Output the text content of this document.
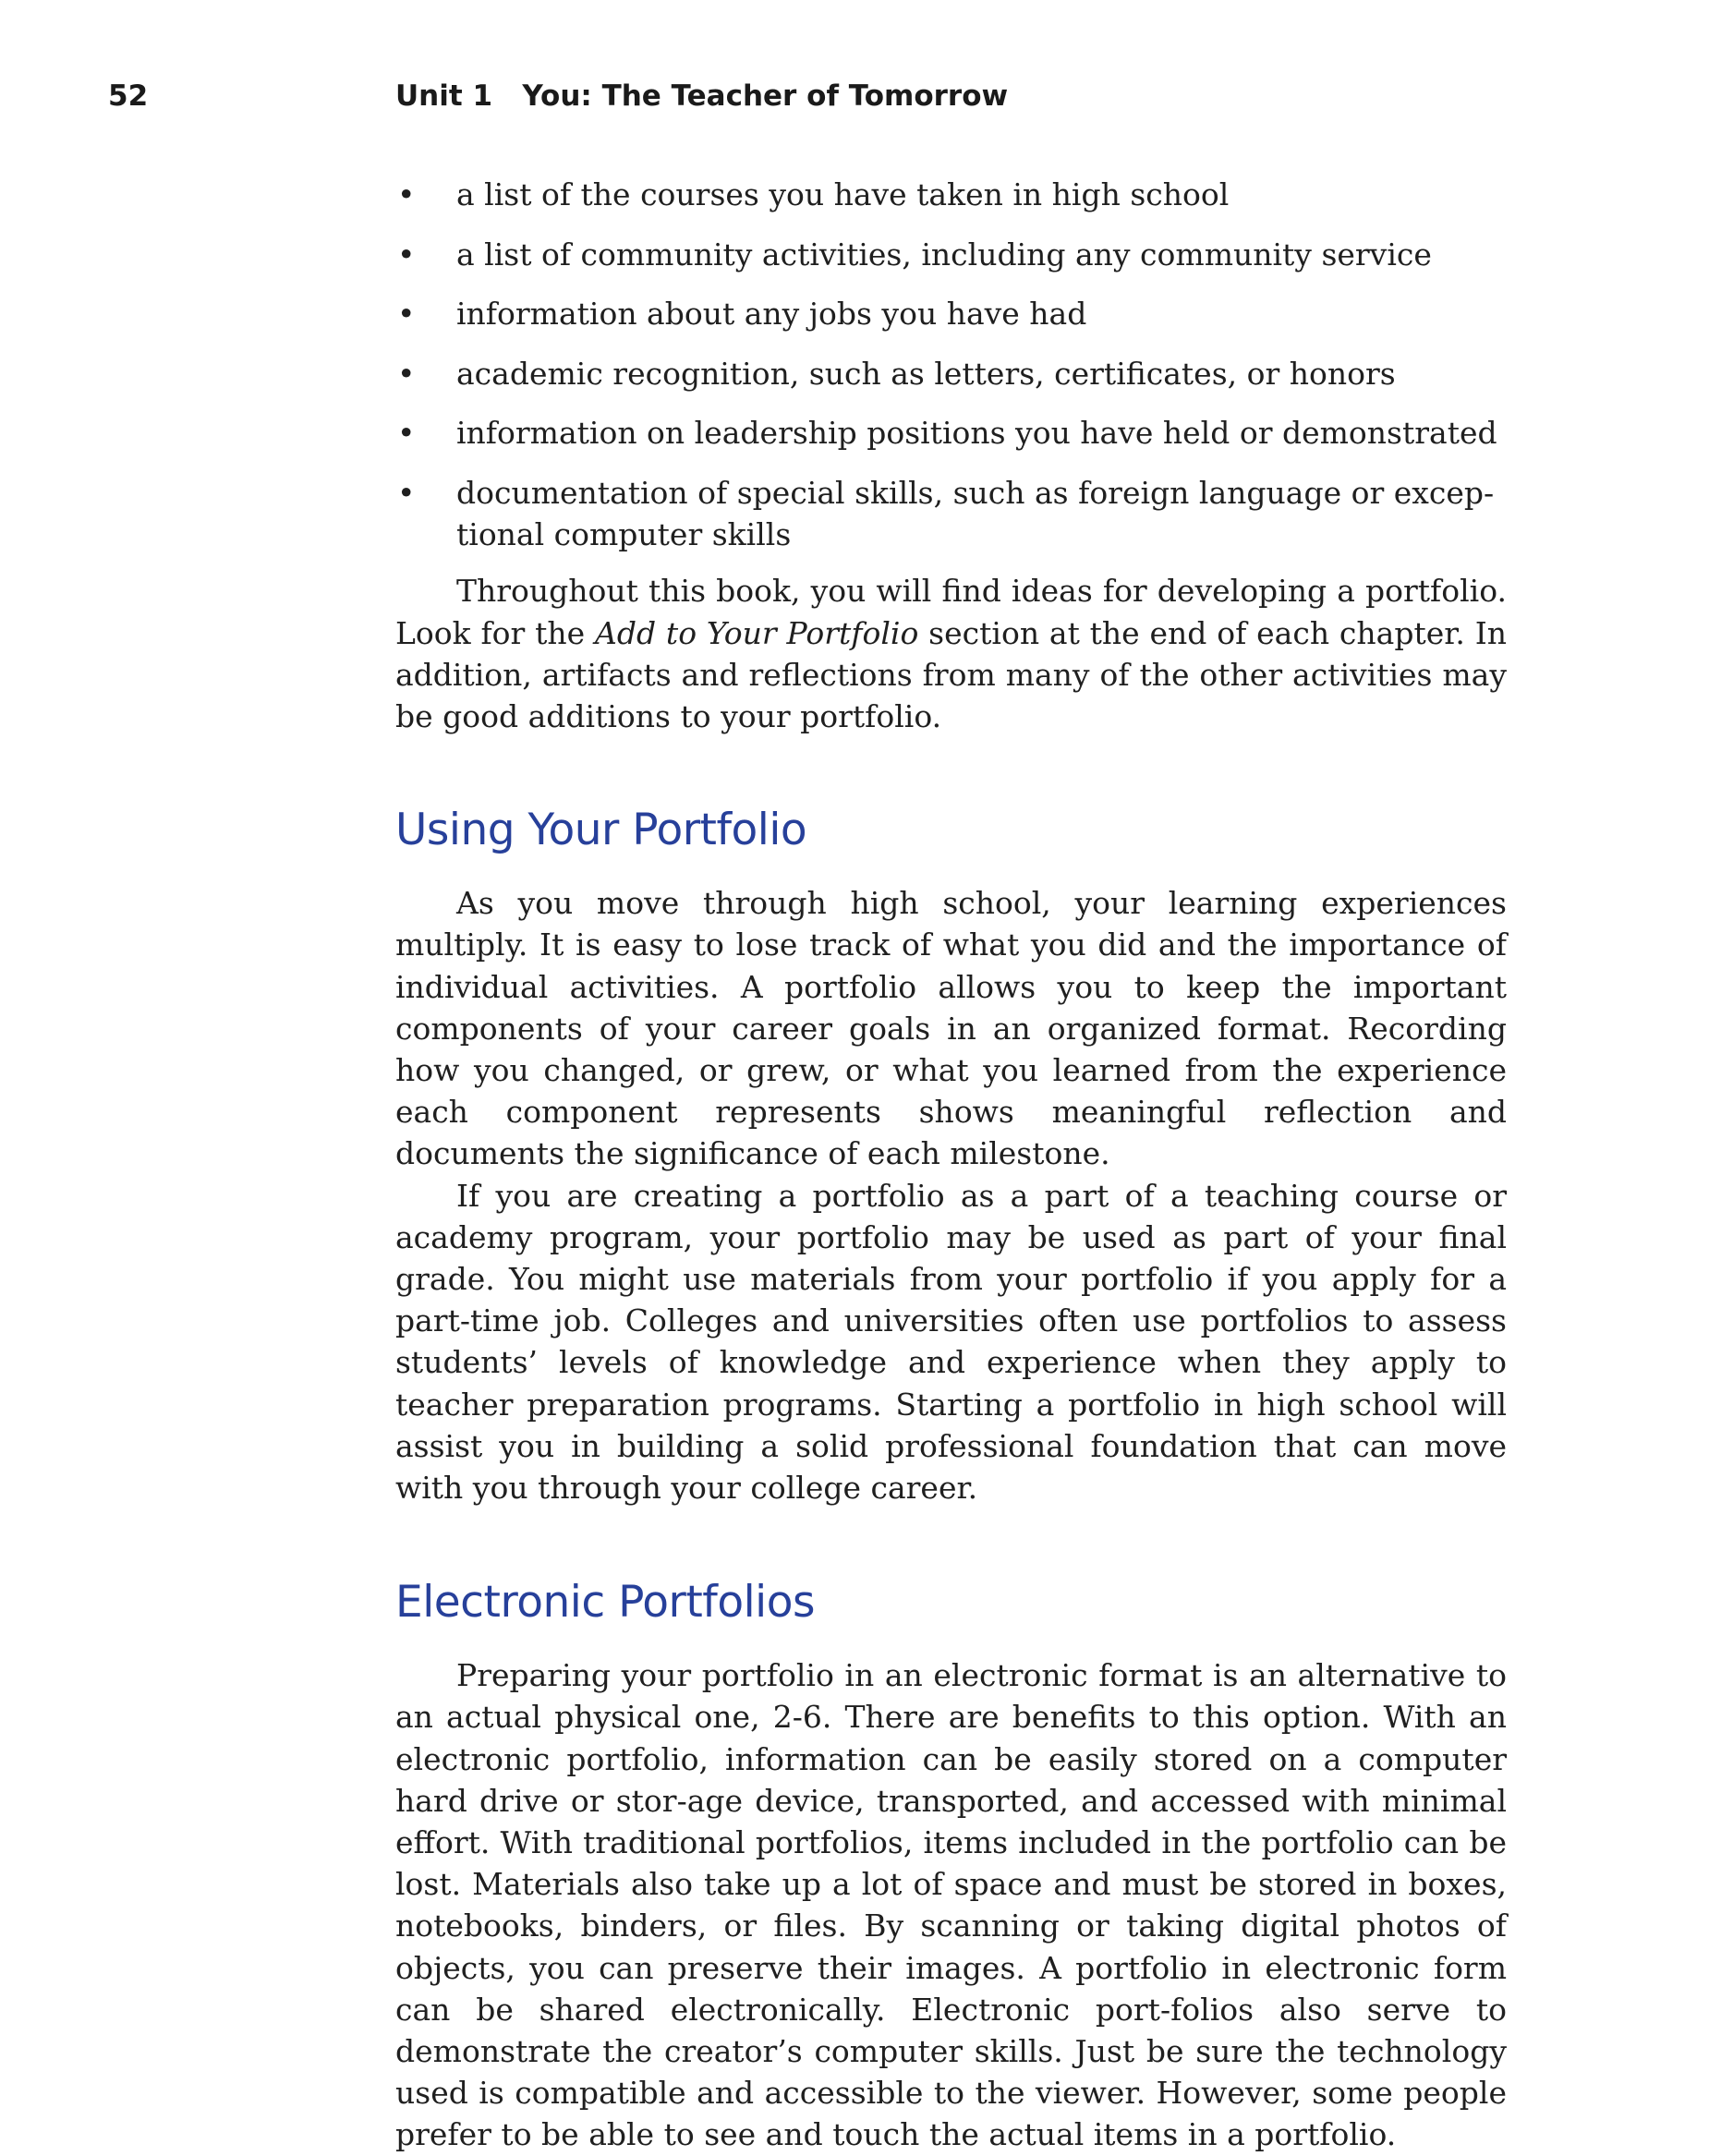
52	Unit 1   You: The Teacher of Tomorrow
• a list of the courses you have taken in high school
• a list of community activities, including any community service
• information about any jobs you have had
• academic recognition, such as letters, certificates, or honors
• information on leadership positions you have held or demonstrated
• documentation of special skills, such as foreign language or excep-tional computer skills

Throughout this book, you will find ideas for developing a portfolio. Look for the Add to Your Portfolio section at the end of each chapter. In addition, artifacts and reflections from many of the other activities may be good additions to your portfolio.

Using Your Portfolio

As you move through high school, your learning experiences multiply. It is easy to lose track of what you did and the importance of individual activities. A portfolio allows you to keep the important components of your career goals in an organized format. Recording how you changed, or grew, or what you learned from the experience each component represents shows meaningful reflection and documents the significance of each milestone.

If you are creating a portfolio as a part of a teaching course or academy program, your portfolio may be used as part of your final grade. You might use materials from your portfolio if you apply for a part-time job. Colleges and universities often use portfolios to assess students’ levels of knowledge and experience when they apply to teacher preparation programs. Starting a portfolio in high school will assist you in building a solid professional foundation that can move with you through your college career.

Electronic Portfolios

Preparing your portfolio in an electronic format is an alternative to an actual physical one, 2-6. There are benefits to this option. With an electronic portfolio, information can be easily stored on a computer hard drive or stor-age device, transported, and accessed with minimal effort. With traditional portfolios, items included in the portfolio can be lost. Materials also take up a lot of space and must be stored in boxes, notebooks, binders, or files. By scanning or taking digital photos of objects, you can preserve their images. A portfolio in electronic form can be shared electronically. Electronic port-folios also serve to demonstrate the creator’s computer skills. Just be sure the technology used is compatible and accessible to the viewer. However, some people prefer to be able to see and touch the actual items in a portfolio.
